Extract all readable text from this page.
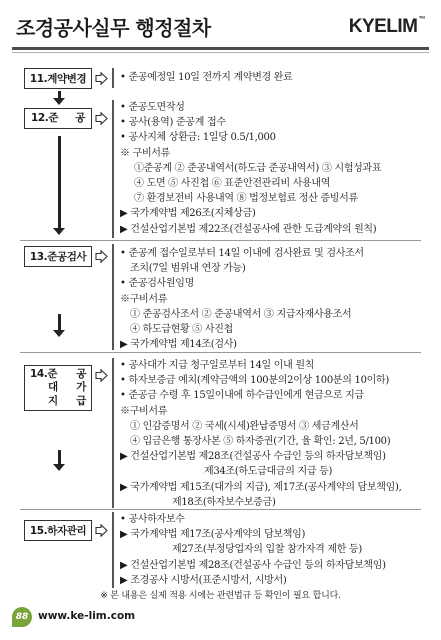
조경공사실무 행정절차	KYELIM™
11.계약변경	• 준공예정일 10일 전까지 계약변경 완료
12.준 공
• 준공도면작성
• 공사(용역) 준공계 접수
• 공사지체 상환금: 1일당 0.5/1,000
※ 구비서류
①준공계 ② 준공내역서(하도급 준공내역서) ③ 시험성과표
④ 도면 ⑤ 사진첩 ⑥ 표준안전관리비 사용내역
⑦ 환경보전비 사용내역 ⑧ 법정보험료 정산 증빙서류
▶ 국가계약법 제26조(지체상금)
▶ 건설산업기본법 제22조(건설공사에 관한 도급계약의 원칙)
13.준공검사	• 준공계 접수일로부터 14일 이내에 검사완료 및 검사조서
조치(7일 범위내 연장 가능)
• 준공검사원임명
※구비서류
① 준공검사조서 ② 준공내역서 ③ 지급자재사용조서
④ 하도급현황 ⑤ 사진첩
▶ 국가계약법 제14조(검사)
14.준 공
대 가
지 급
• 공사대가 지급 청구일로부터 14일 이내 원칙
• 하자보증금 예치(계약금액의 100분의2이상 100분의 10이하)
• 준공금 수령 후 15일이내에 하수급인에게 현금으로 지급
※구비서류
① 인감증명서 ② 국세(시세)완납증명서 ③ 세금계산서
④ 입금은행 통장사본 ⑤ 하자증권(기간, 율 확인: 2년, 5/100)
▶ 건설산업기본법 제28조(건설공사 수급인 등의 하자담보책임)
제34조(하도급대금의 지급 등)
▶ 국가계약법 제15조(대가의 지급), 제17조(공사계약의 담보책임),
제18조(하자보수보증금)
15.하자관리
• 공사하자보수
▶ 국가계약법 제17조(공사계약의 담보책임)
제27조(부정당업자의 입찰 참가자격 제한 등)
▶ 건설산업기본법 제28조(건설공사 수급인 등의 하자담보책임)
▶ 조경공사 시방서(표준시방서, 시방서)
※ 본 내용은 실제 적용 시에는 관련법규 등 확인이 필요 합니다.
88 www.ke-lim.com
